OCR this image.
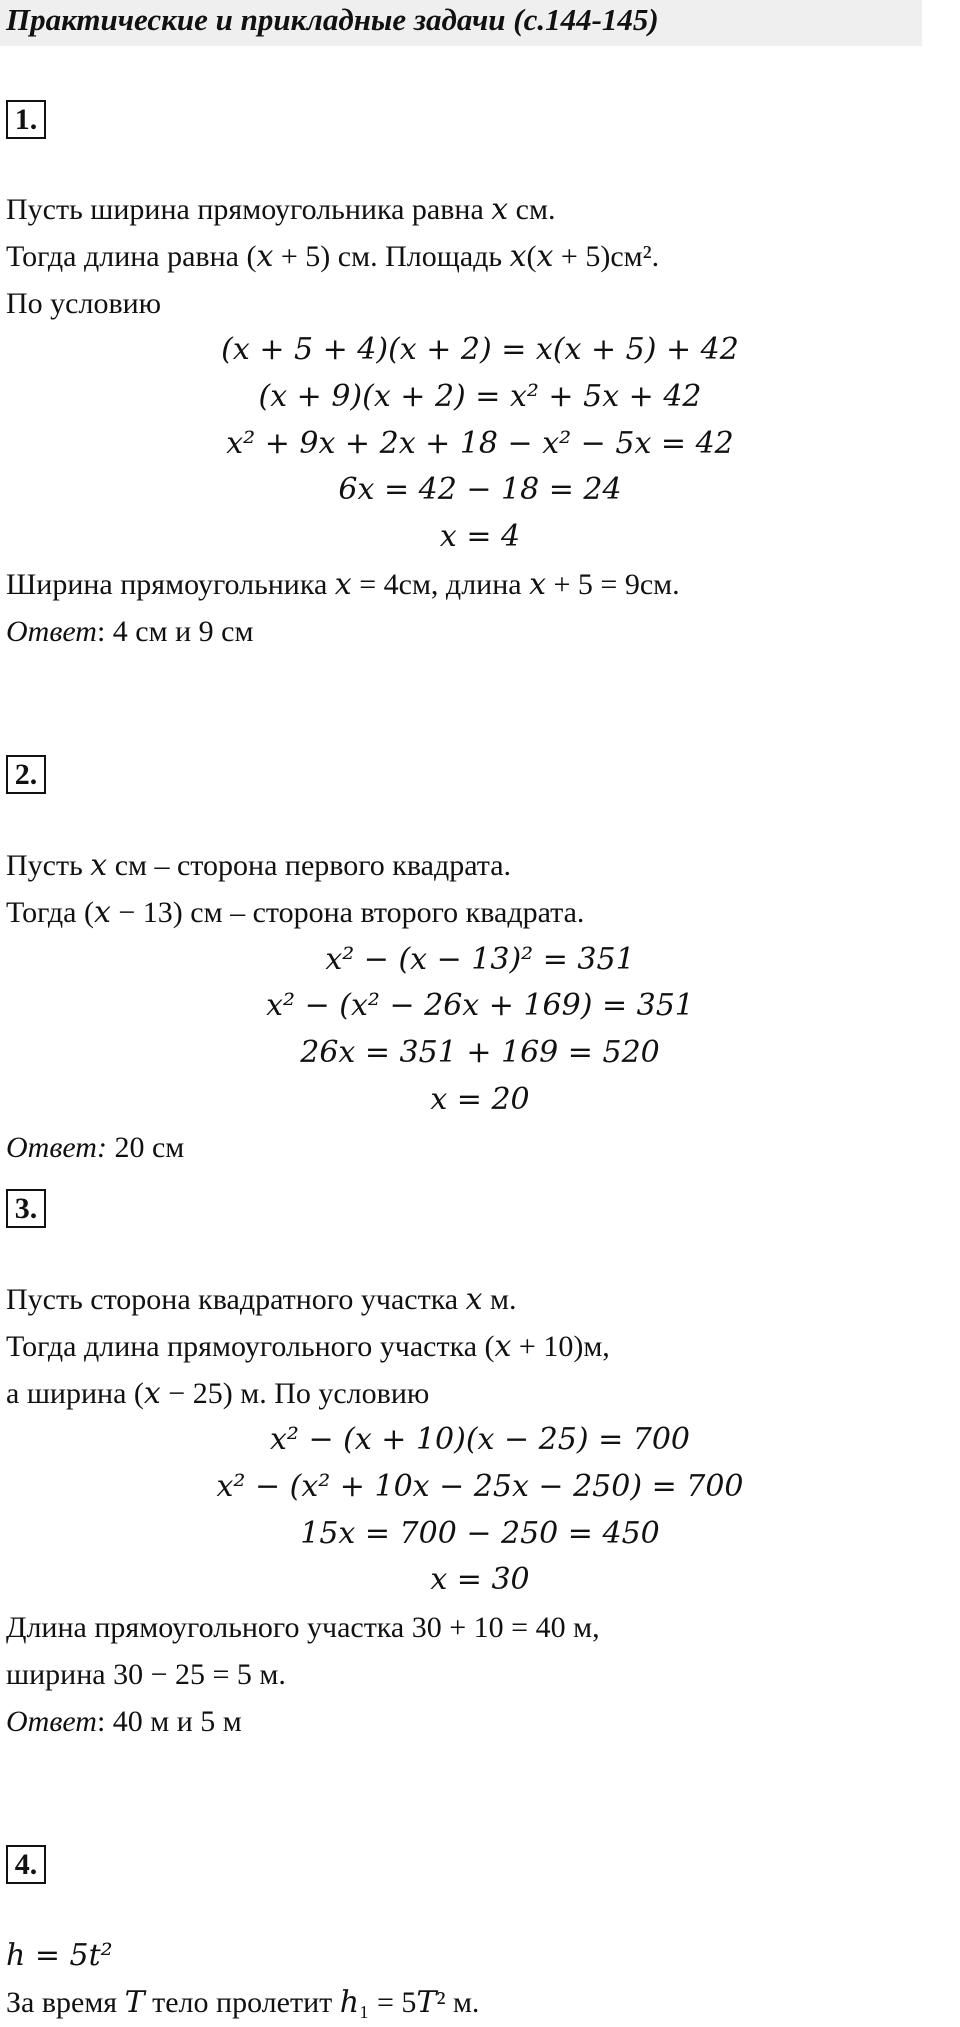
Практические и прикладные задачи (с.144-145)
1.
Пусть ширина прямоугольника равна 𝑥 см.
Тогда длина равна (𝑥 + 5) см. Площадь 𝑥(𝑥 + 5)см².
По условию
(𝑥 + 5 + 4)(𝑥 + 2) = 𝑥(𝑥 + 5) + 42
(𝑥 + 9)(𝑥 + 2) = 𝑥² + 5𝑥 + 42
𝑥² + 9𝑥 + 2𝑥 + 18 − 𝑥² − 5𝑥 = 42
6𝑥 = 42 − 18 = 24
𝑥 = 4
Ширина прямоугольника 𝑥 = 4см, длина 𝑥 + 5 = 9см.
Ответ: 4 см и 9 см
2.
Пусть 𝑥 см – сторона первого квадрата.
Тогда (𝑥 − 13) см – сторона второго квадрата.
𝑥² − (𝑥 − 13)² = 351
𝑥² − (𝑥² − 26𝑥 + 169) = 351
26𝑥 = 351 + 169 = 520
𝑥 = 20
Ответ: 20 см
3.
Пусть сторона квадратного участка 𝑥 м.
Тогда длина прямоугольного участка (𝑥 + 10)м,
а ширина (𝑥 − 25) м. По условию
𝑥² − (𝑥 + 10)(𝑥 − 25) = 700
𝑥² − (𝑥² + 10𝑥 − 25𝑥 − 250) = 700
15𝑥 = 700 − 250 = 450
𝑥 = 30
Длина прямоугольного участка 30 + 10 = 40 м,
ширина 30 − 25 = 5 м.
Ответ: 40 м и 5 м
4.
ℎ = 5𝑡²
За время 𝑇 тело пролетит ℎ₁ = 5𝑇² м.
